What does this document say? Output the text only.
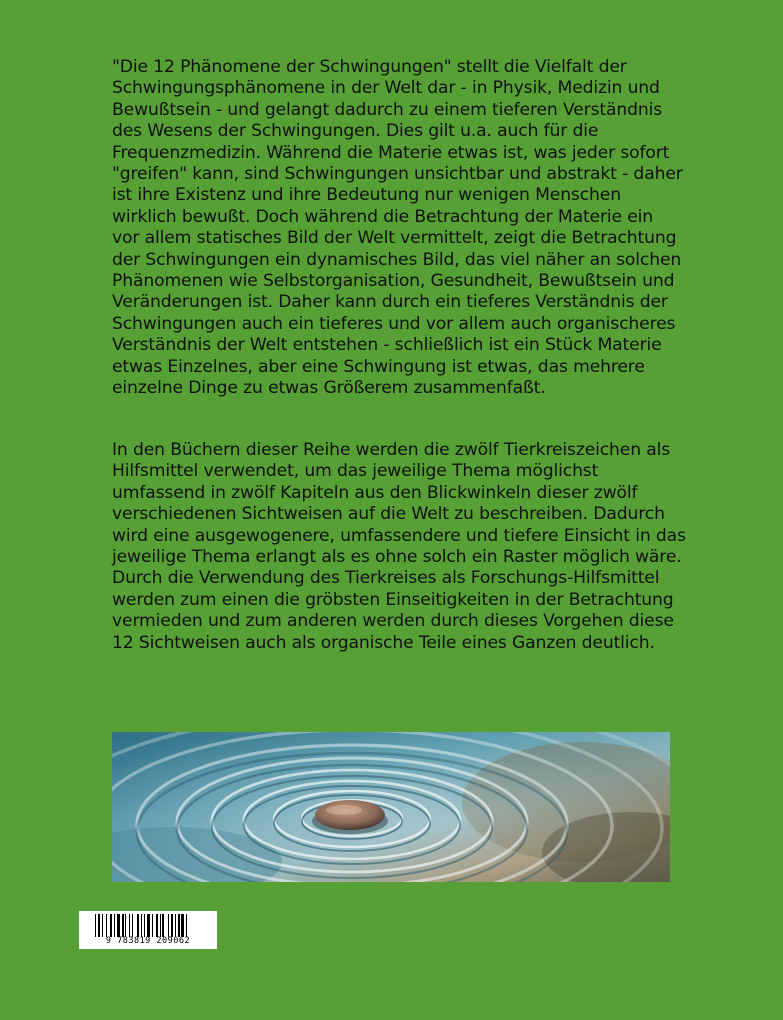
"Die 12 Phänomene der Schwingungen" stellt die Vielfalt der

Schwingungsphänomene in der Welt dar - in Physik, Medizin und

Bewußtsein - und gelangt dadurch zu einem tieferen Verständnis

des Wesens der Schwingungen. Dies gilt u.a. auch für die

Frequenzmedizin. Während die Materie etwas ist, was jeder sofort

"greifen" kann, sind Schwingungen unsichtbar und abstrakt - daher

ist ihre Existenz und ihre Bedeutung nur wenigen Menschen

wirklich bewußt. Doch während die Betrachtung der Materie ein

vor allem statisches Bild der Welt vermittelt, zeigt die Betrachtung

der Schwingungen ein dynamisches Bild, das viel näher an solchen

Phänomenen wie Selbstorganisation, Gesundheit, Bewußtsein und

Veränderungen ist. Daher kann durch ein tieferes Verständnis der

Schwingungen auch ein tieferes und vor allem auch organischeres

Verständnis der Welt entstehen - schließlich ist ein Stück Materie

etwas Einzelnes, aber eine Schwingung ist etwas, das mehrere

einzelne Dinge zu etwas Größerem zusammenfaßt.

In den Büchern dieser Reihe werden die zwölf Tierkreiszeichen als

Hilfsmittel verwendet, um das jeweilige Thema möglichst

umfassend in zwölf Kapiteln aus den Blickwinkeln dieser zwölf

verschiedenen Sichtweisen auf die Welt zu beschreiben. Dadurch

wird eine ausgewogenere, umfassendere und tiefere Einsicht in das

jeweilige Thema erlangt als es ohne solch ein Raster möglich wäre.

Durch die Verwendung des Tierkreises als Forschungs-Hilfsmittel

werden zum einen die gröbsten Einseitigkeiten in der Betrachtung

vermieden und zum anderen werden durch dieses Vorgehen diese

12 Sichtweisen auch als organische Teile eines Ganzen deutlich.

9 783819 209062
